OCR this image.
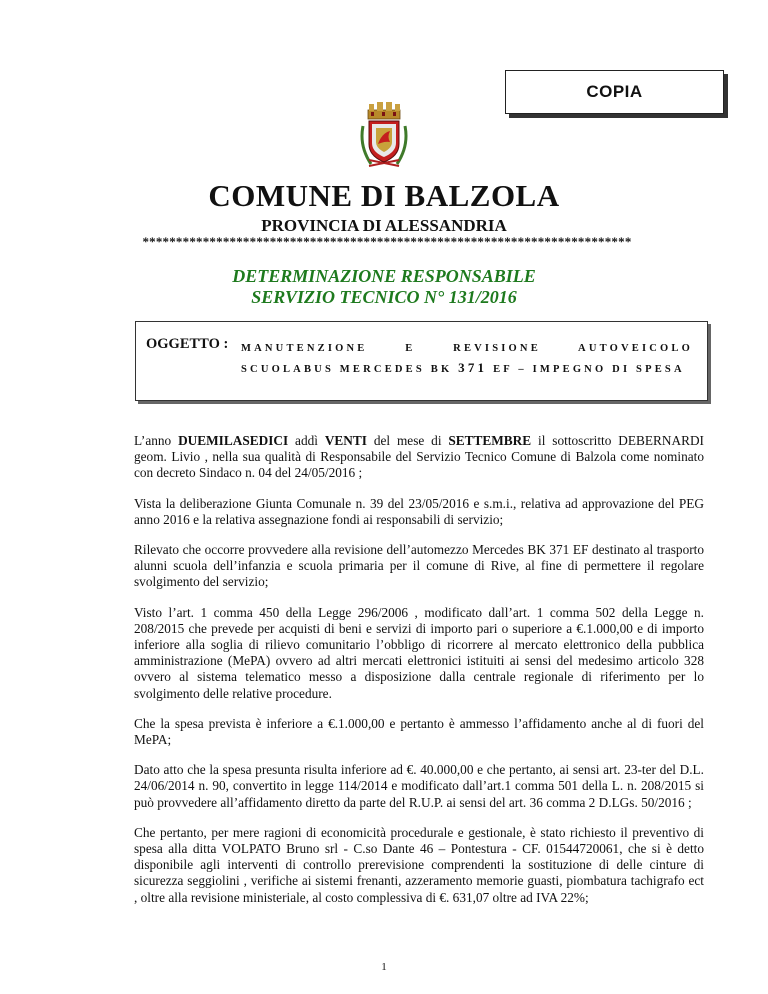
COPIA
COMUNE DI BALZOLA
PROVINCIA DI ALESSANDRIA
*************************************************************************
DETERMINAZIONE RESPONSABILE
SERVIZIO TECNICO N° 131/2016
OGGETTO : MANUTENZIONE E REVISIONE AUTOVEICOLO SCUOLABUS MERCEDES BK 371 EF – IMPEGNO DI SPESA

L’anno DUEMILASEDICI addì VENTI del mese di SETTEMBRE il sottoscritto DEBERNARDI geom. Livio , nella sua qualità di Responsabile del Servizio Tecnico Comune di Balzola come nominato con decreto Sindaco n. 04 del 24/05/2016 ;

Vista la deliberazione Giunta Comunale n. 39 del 23/05/2016 e s.m.i., relativa ad approvazione del PEG anno 2016 e la relativa assegnazione fondi ai responsabili di servizio;

Rilevato che occorre provvedere alla revisione dell’automezzo Mercedes BK 371 EF destinato al trasporto alunni scuola dell’infanzia e scuola primaria per il comune di Rive, al fine di permettere il regolare svolgimento del servizio;

Visto l’art. 1 comma 450 della Legge 296/2006 , modificato dall’art. 1 comma 502 della Legge n. 208/2015 che prevede per acquisti di beni e servizi di importo pari o superiore a €.1.000,00 e di importo inferiore alla soglia di rilievo comunitario l’obbligo di ricorrere al mercato elettronico della pubblica amministrazione (MePA) ovvero ad altri mercati elettronici istituiti ai sensi del medesimo articolo 328 ovvero al sistema telematico messo a disposizione dalla centrale regionale di riferimento per lo svolgimento delle relative procedure.

Che la spesa prevista è inferiore a €.1.000,00 e pertanto è ammesso l’affidamento anche al di fuori del MePA;

Dato atto che la spesa presunta risulta inferiore ad €. 40.000,00 e che pertanto, ai sensi art. 23-ter del D.L. 24/06/2014 n. 90, convertito in legge 114/2014 e modificato dall’art.1 comma 501 della L. n. 208/2015 si può provvedere all’affidamento diretto da parte del R.U.P. ai sensi del art. 36 comma 2 D.LGs. 50/2016 ;

Che pertanto, per mere ragioni di economicità procedurale e gestionale, è stato richiesto il preventivo di spesa alla ditta VOLPATO Bruno srl - C.so Dante 46 – Pontestura - CF. 01544720061, che si è detto disponibile agli interventi di controllo prerevisione comprendenti la sostituzione di delle cinture di sicurezza seggiolini , verifiche ai sistemi frenanti, azzeramento memorie guasti, piombatura tachigrafo ect , oltre alla revisione ministeriale, al costo complessiva di €. 631,07 oltre ad IVA 22%;

1
